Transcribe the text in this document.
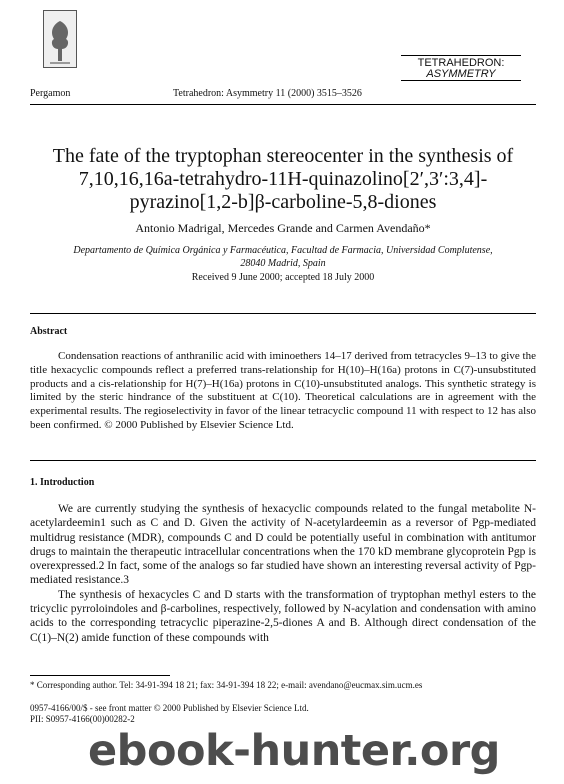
Pergamon	Tetrahedron: Asymmetry 11 (2000) 3515–3526
TETRAHEDRON:
ASYMMETRY
The fate of the tryptophan stereocenter in the synthesis of
7,10,16,16a-tetrahydro-11H-quinazolino[2′,3′:3,4]-
pyrazino[1,2-b]β-carboline-5,8-diones
Antonio Madrigal, Mercedes Grande and Carmen Avendaño*
Departamento de Química Orgánica y Farmacéutica, Facultad de Farmacia, Universidad Complutense,
28040 Madrid, Spain
Received 9 June 2000; accepted 18 July 2000
Abstract

Condensation reactions of anthranilic acid with iminoethers 14–17 derived from tetracycles 9–13 to give the title hexacyclic compounds reflect a preferred trans-relationship for H(10)–H(16a) protons in C(7)-unsubstituted products and a cis-relationship for H(7)–H(16a) protons in C(10)-unsubstituted analogs. This synthetic strategy is limited by the steric hindrance of the substituent at C(10). Theoretical calculations are in agreement with the experimental results. The regioselectivity in favor of the linear tetracyclic compound 11 with respect to 12 has also been confirmed. © 2000 Published by Elsevier Science Ltd.

1. Introduction

We are currently studying the synthesis of hexacyclic compounds related to the fungal metabolite N-acetylardeemin1 such as C and D. Given the activity of N-acetylardeemin as a reversor of Pgp-mediated multidrug resistance (MDR), compounds C and D could be potentially useful in combination with antitumor drugs to maintain the therapeutic intracellular concentrations when the 170 kD membrane glycoprotein Pgp is overexpressed.2 In fact, some of the analogs so far studied have shown an interesting reversal activity of Pgp-mediated resistance.3

The synthesis of hexacycles C and D starts with the transformation of tryptophan methyl esters to the tricyclic pyrroloindoles and β-carbolines, respectively, followed by N-acylation and condensation with amino acids to the corresponding tetracyclic piperazine-2,5-diones A and B. Although direct condensation of the C(1)–N(2) amide function of these compounds with

* Corresponding author. Tel: 34-91-394 18 21; fax: 34-91-394 18 22; e-mail: avendano@eucmax.sim.ucm.es
0957-4166/00/$ - see front matter © 2000 Published by Elsevier Science Ltd.
PII: S0957-4166(00)00282-2
ebook-hunter.org
